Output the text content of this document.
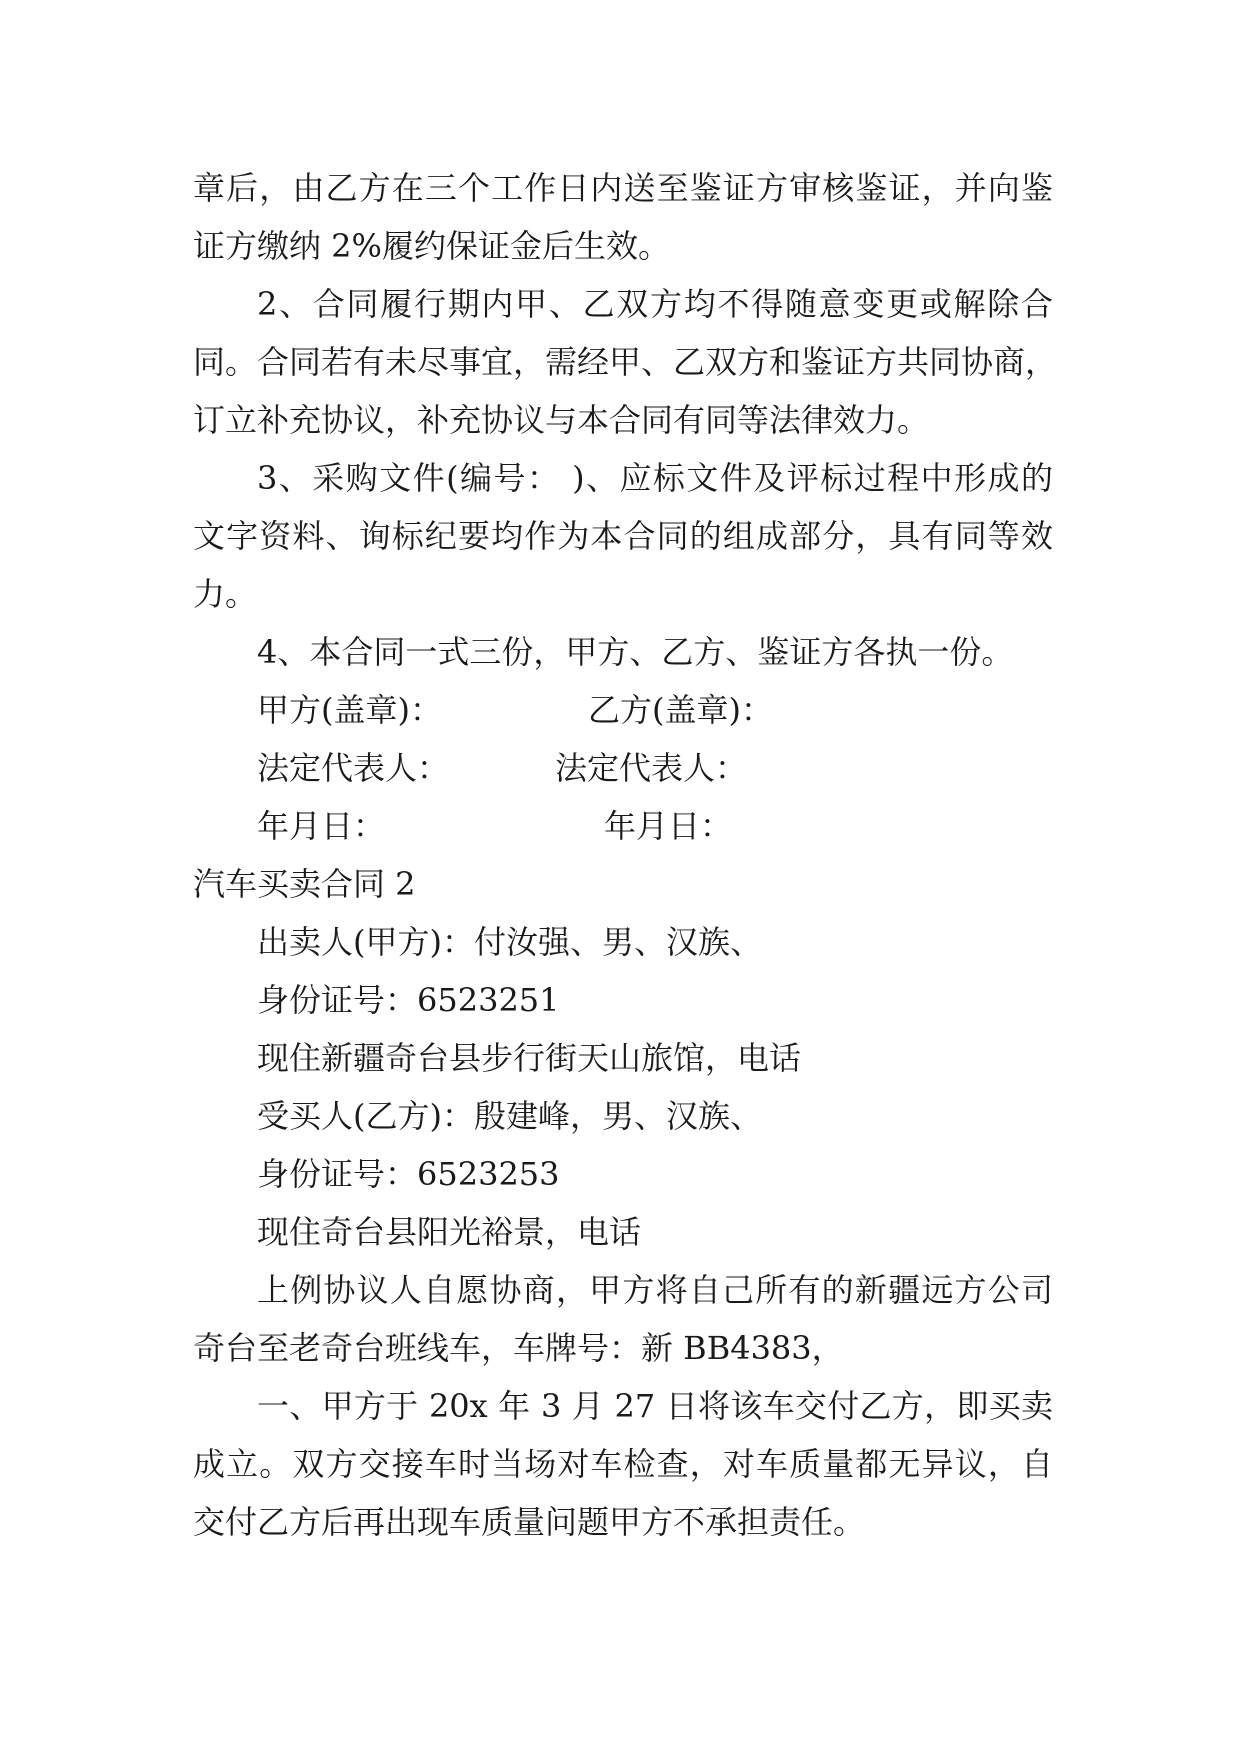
章后，由乙方在三个工作日内送至鉴证方审核鉴证，并向鉴
证方缴纳 2%履约保证金后生效。
2、合同履行期内甲、乙双方均不得随意变更或解除合
同。合同若有未尽事宜，需经甲、乙双方和鉴证方共同协商，
订立补充协议，补充协议与本合同有同等法律效力。
3、采购文件(编号： )、应标文件及评标过程中形成的
文字资料、询标纪要均作为本合同的组成部分，具有同等效
力。
4、本合同一式三份，甲方、乙方、鉴证方各执一份。
甲方(盖章)：	乙方(盖章)：
法定代表人：	法定代表人：
年月日：	年月日：
汽车买卖合同 2
出卖人(甲方)：付汝强、男、汉族、
身份证号：6523251
现住新疆奇台县步行街天山旅馆，电话
受买人(乙方)：殷建峰，男、汉族、
身份证号：6523253
现住奇台县阳光裕景，电话
上例协议人自愿协商，甲方将自己所有的新疆远方公司
奇台至老奇台班线车，车牌号：新 BB4383，
一、甲方于 20x 年 3 月 27 日将该车交付乙方，即买卖
成立。双方交接车时当场对车检查，对车质量都无异议，自
交付乙方后再出现车质量问题甲方不承担责任。
